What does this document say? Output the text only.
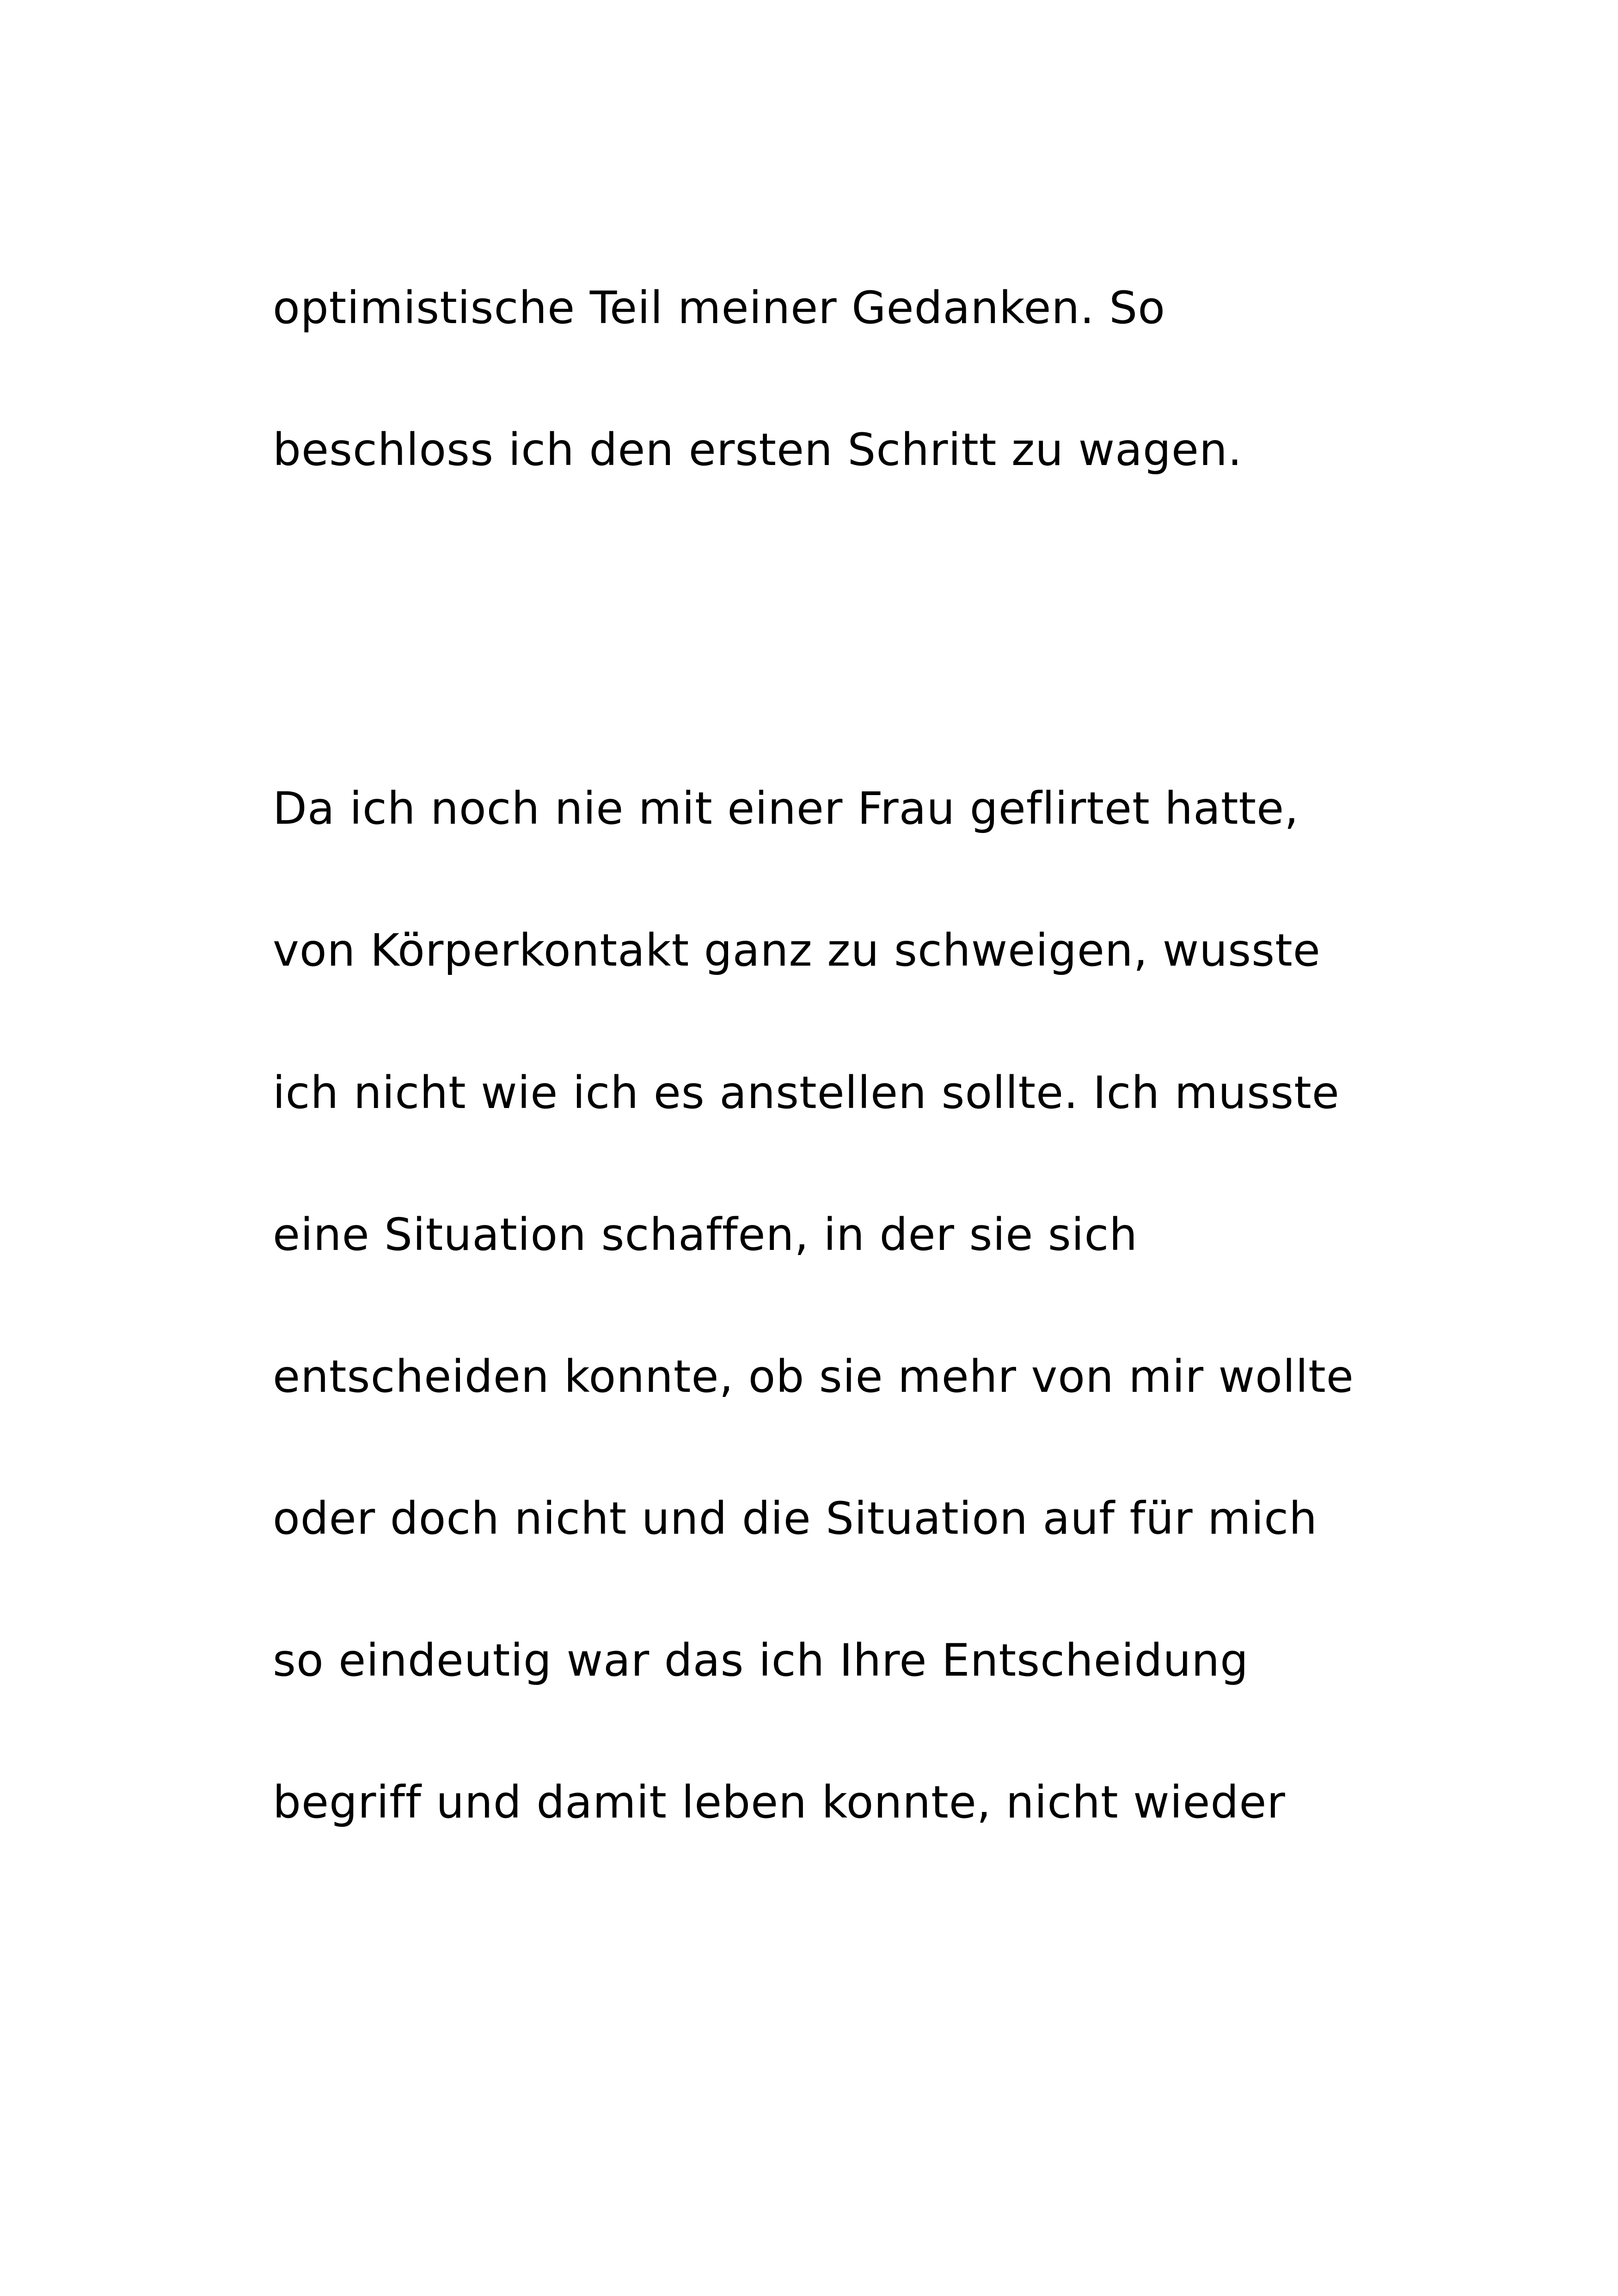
optimistische Teil meiner Gedanken. So

beschloss ich den ersten Schritt zu wagen.

Da ich noch nie mit einer Frau geflirtet hatte,

von Körperkontakt ganz zu schweigen, wusste

ich nicht wie ich es anstellen sollte. Ich musste

eine Situation schaffen, in der sie sich

entscheiden konnte, ob sie mehr von mir wollte

oder doch nicht und die Situation auf für mich

so eindeutig war das ich Ihre Entscheidung

begriff und damit leben konnte, nicht wieder
